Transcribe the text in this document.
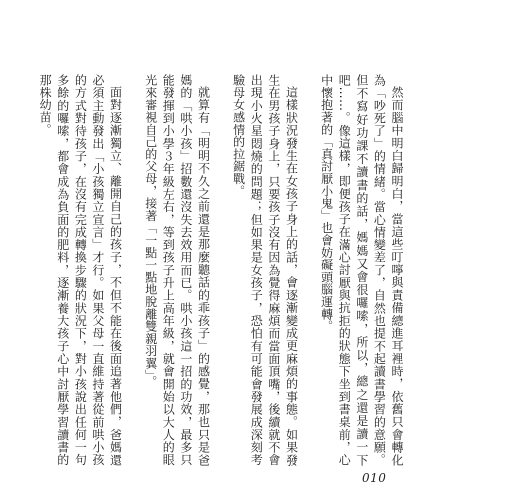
然而腦中明白歸明白，當這些叮嚀與責備總進耳裡時，依舊只會轉化為「吵死了」的情緒。當心情變差了，自然也提不起讀書學習的意願。但不寫好功課不讀書的話，媽媽又會很囉嗦，所以，總之還是讀一下吧……。像這樣，即便孩子在滿心討厭與抗拒的狀態下坐到書桌前，心中懷抱著的「真討厭小鬼」也會妨礙頭腦運轉。

這樣狀況發生在女孩子身上的話，會逐漸變成更麻煩的事態。如果發生在男孩子身上，只要孩子沒有因為覺得麻煩而當面頂嘴，後續就不會出現小火星悶燒的問題；但如果是女孩子，恐怕有可能會發展成深刻考驗母女感情的拉鋸戰。

就算有「明明不久之前還是那麼聽話的乖孩子」的感覺，那也只是爸媽的「哄小孩」招數還沒失去效用而已。哄小孩這一招的功效，最多只能發揮到小學３年級左右，等到孩子升上高年級，就會開始以大人的眼光來審視自己的父母，接著「一點一點地脫離雙親羽翼」。

面對逐漸獨立、離開自己的孩子，不但不能在後面追著他們，爸媽還必須主動發出「小孩獨立宣言」才行。如果父母一直維持著從前哄小孩的方式對待孩子，在沒有完成轉換步驟的狀況下，對小孩說出任何一句多餘的囉嗦，都會成為負面的肥料，逐漸養大孩子心中討厭學習讀書的那株幼苗。

010
